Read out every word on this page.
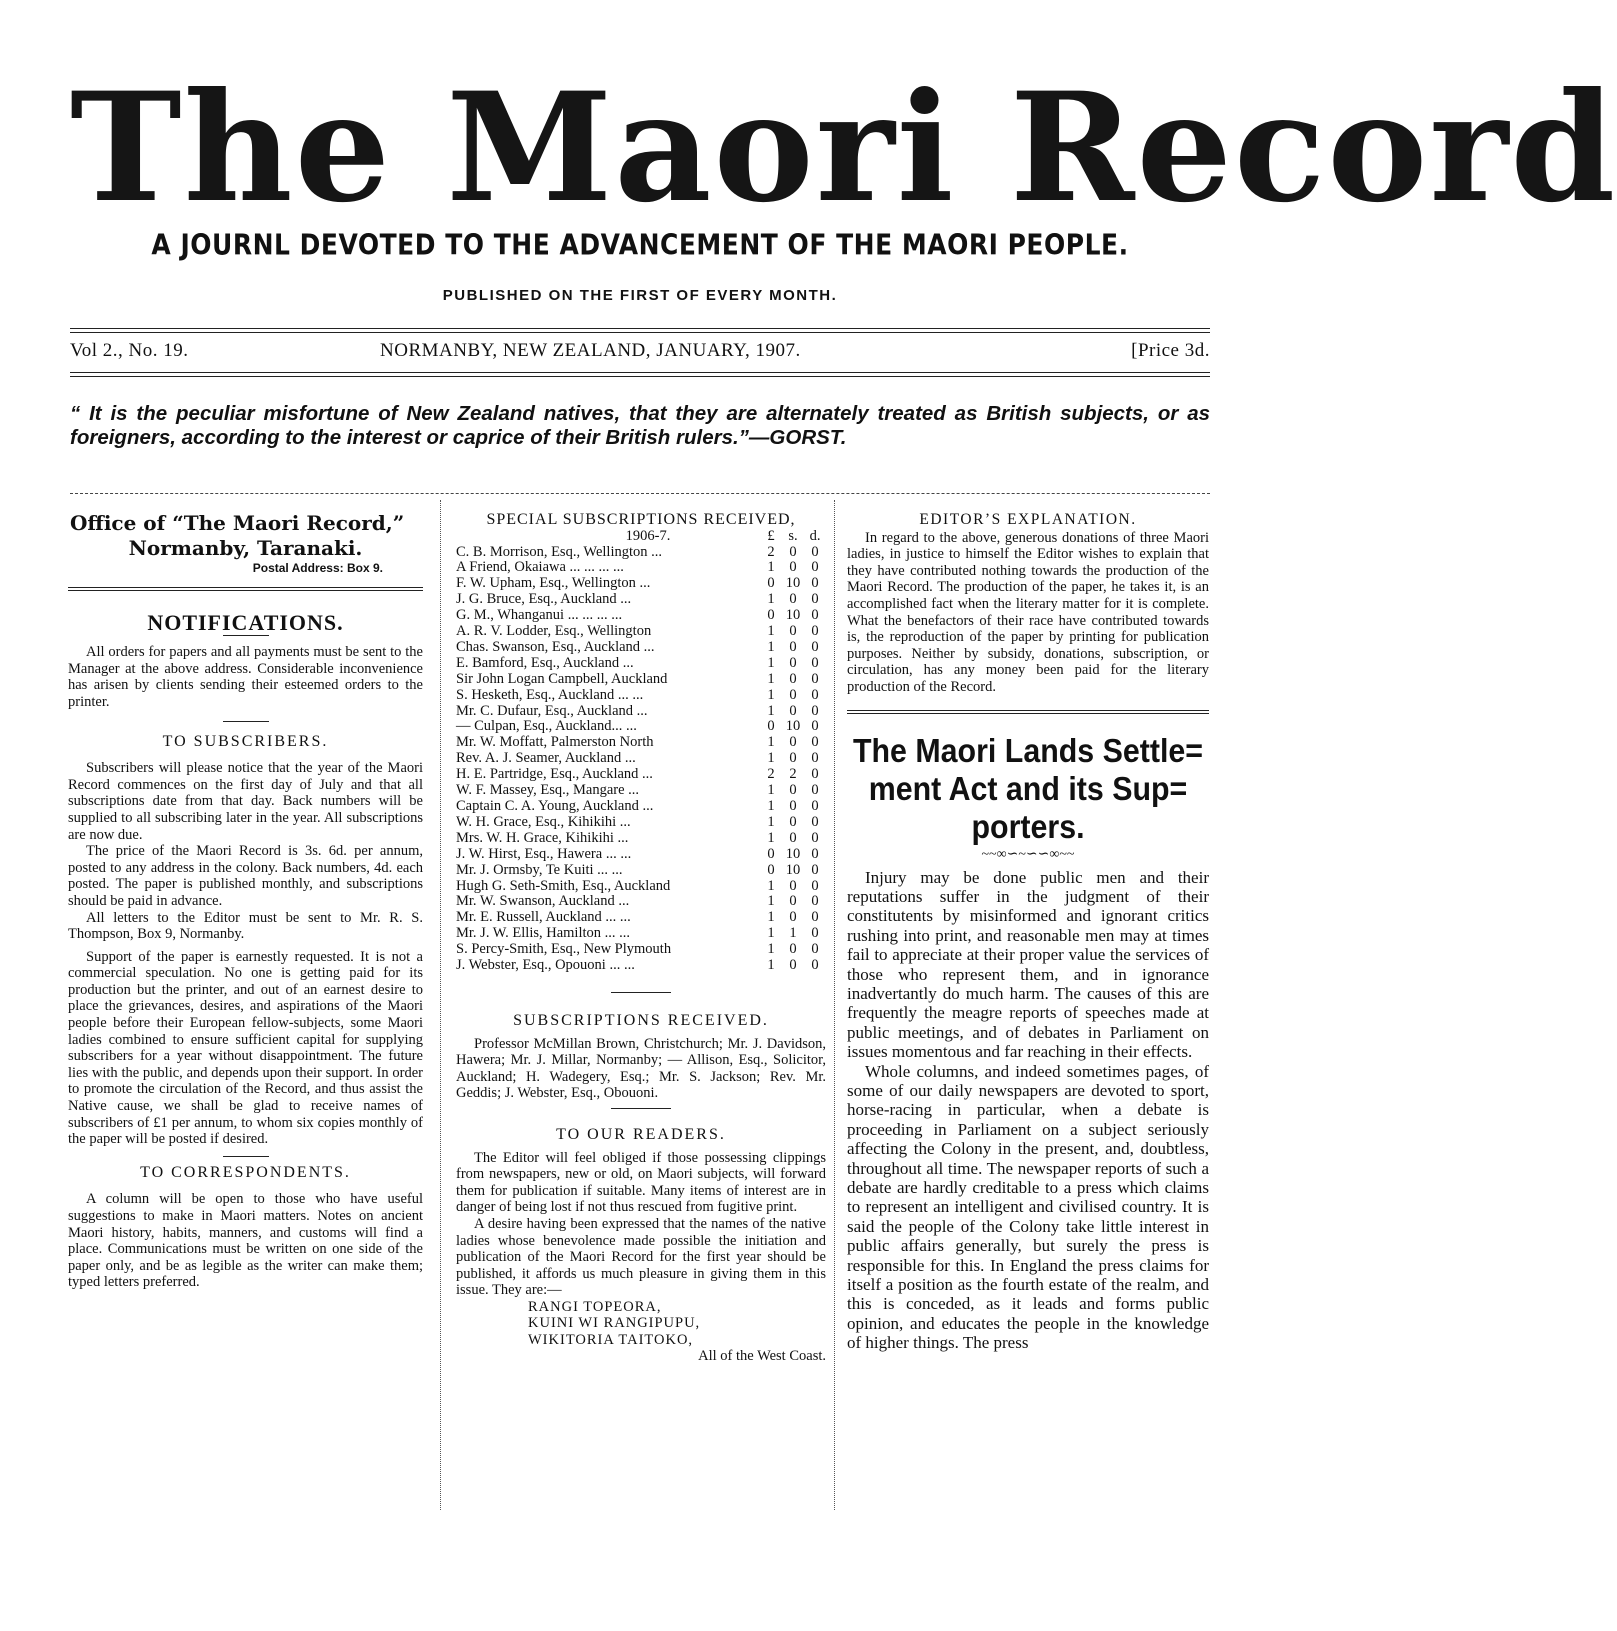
The Maori Record
A JOURNL DEVOTED TO THE ADVANCEMENT OF THE MAORI PEOPLE.
PUBLISHED ON THE FIRST OF EVERY MONTH.
Vol 2., No. 19.	NORMANBY, NEW ZEALAND, JANUARY, 1907.	[Price 3d.
“ It is the peculiar misfortune of New Zealand natives, that they are alternately treated as British subjects, or as foreigners, according to the interest or caprice of their British rulers.”—GORST.
Office of “The Maori Record,”
Normanby, Taranaki.
Postal Address: Box 9.
NOTIFICATIONS.

All orders for papers and all payments must be sent to the Manager at the above address. Considerable inconvenience has arisen by clients sending their esteemed orders to the printer.

TO SUBSCRIBERS.

Subscribers will please notice that the year of the Maori Record commences on the first day of July and that all subscriptions date from that day. Back numbers will be supplied to all subscribing later in the year. All subscriptions are now due.

The price of the Maori Record is 3s. 6d. per annum, posted to any address in the colony. Back numbers, 4d. each posted. The paper is published monthly, and subscriptions should be paid in advance.

All letters to the Editor must be sent to Mr. R. S. Thompson, Box 9, Normanby.

Support of the paper is earnestly requested. It is not a commercial speculation. No one is getting paid for its production but the printer, and out of an earnest desire to place the grievances, desires, and aspirations of the Maori people before their European fellow-subjects, some Maori ladies combined to ensure sufficient capital for supplying subscribers for a year without disappointment. The future lies with the public, and depends upon their support. In order to promote the circulation of the Record, and thus assist the Native cause, we shall be glad to receive names of subscribers of £1 per annum, to whom six copies monthly of the paper will be posted if desired.

TO CORRESPONDENTS.

A column will be open to those who have useful suggestions to make in Maori matters. Notes on ancient Maori history, habits, manners, and customs will find a place. Communications must be written on one side of the paper only, and be as legible as the writer can make them; typed letters preferred.

SPECIAL SUBSCRIPTIONS RECEIVED,
1906-7.	£	s.	d.
C. B. Morrison, Esq., Wellington ...	2	0	0
A Friend, Okaiawa ... ... ... ...	1	0	0
F. W. Upham, Esq., Wellington ...	0	10	0
J. G. Bruce, Esq., Auckland ...	1	0	0
G. M., Whanganui ... ... ... ...	0	10	0
A. R. V. Lodder, Esq., Wellington	1	0	0
Chas. Swanson, Esq., Auckland ...	1	0	0
E. Bamford, Esq., Auckland ...	1	0	0
Sir John Logan Campbell, Auckland	1	0	0
S. Hesketh, Esq., Auckland ... ...	1	0	0
Mr. C. Dufaur, Esq., Auckland ...	1	0	0
— Culpan, Esq., Auckland... ...	0	10	0
Mr. W. Moffatt, Palmerston North	1	0	0
Rev. A. J. Seamer, Auckland ...	1	0	0
H. E. Partridge, Esq., Auckland ...	2	2	0
W. F. Massey, Esq., Mangare ...	1	0	0
Captain C. A. Young, Auckland ...	1	0	0
W. H. Grace, Esq., Kihikihi ...	1	0	0
Mrs. W. H. Grace, Kihikihi ...	1	0	0
J. W. Hirst, Esq., Hawera ... ...	0	10	0
Mr. J. Ormsby, Te Kuiti ... ...	0	10	0
Hugh G. Seth-Smith, Esq., Auckland	1	0	0
Mr. W. Swanson, Auckland ...	1	0	0
Mr. E. Russell, Auckland ... ...	1	0	0
Mr. J. W. Ellis, Hamilton ... ...	1	1	0
S. Percy-Smith, Esq., New Plymouth	1	0	0
J. Webster, Esq., Opouoni ... ...	1	0	0
SUBSCRIPTIONS RECEIVED.

Professor McMillan Brown, Christchurch; Mr. J. Davidson, Hawera; Mr. J. Millar, Normanby; — Allison, Esq., Solicitor, Auckland; H. Wadegery, Esq.; Mr. S. Jackson; Rev. Mr. Geddis; J. Webster, Esq., Obouoni.

TO OUR READERS.

The Editor will feel obliged if those possessing clippings from newspapers, new or old, on Maori subjects, will forward them for publication if suitable. Many items of interest are in danger of being lost if not thus rescued from fugitive print.

A desire having been expressed that the names of the native ladies whose benevolence made possible the initiation and publication of the Maori Record for the first year should be published, it affords us much pleasure in giving them in this issue. They are:—

RANGI TOPEORA,
KUINI WI RANGIPUPU,
WIKITORIA TAITOKO,
All of the West Coast.
EDITOR’S EXPLANATION.

In regard to the above, generous donations of three Maori ladies, in justice to himself the Editor wishes to explain that they have contributed nothing towards the production of the Maori Record. The production of the paper, he takes it, is an accomplished fact when the literary matter for it is complete. What the benefactors of their race have contributed towards is, the reproduction of the paper by printing for publication purposes. Neither by subsidy, donations, subscription, or circulation, has any money been paid for the literary production of the Record.

The Maori Lands Settle= ment Act and its Sup= porters.
~~∞∽~∽∽∞~~

Injury may be done public men and their reputations suffer in the judgment of their constitutents by misinformed and ignorant critics rushing into print, and reasonable men may at times fail to appreciate at their proper value the services of those who represent them, and in ignorance inadvertantly do much harm. The causes of this are frequently the meagre reports of speeches made at public meetings, and of debates in Parliament on issues momentous and far reaching in their effects.

Whole columns, and indeed sometimes pages, of some of our daily newspapers are devoted to sport, horse-racing in particular, when a debate is proceeding in Parliament on a subject seriously affecting the Colony in the present, and, doubtless, throughout all time. The newspaper reports of such a debate are hardly creditable to a press which claims to represent an intelligent and civilised country. It is said the people of the Colony take little interest in public affairs generally, but surely the press is responsible for this. In England the press claims for itself a position as the fourth estate of the realm, and this is conceded, as it leads and forms public opinion, and educates the people in the knowledge of higher things. The press
